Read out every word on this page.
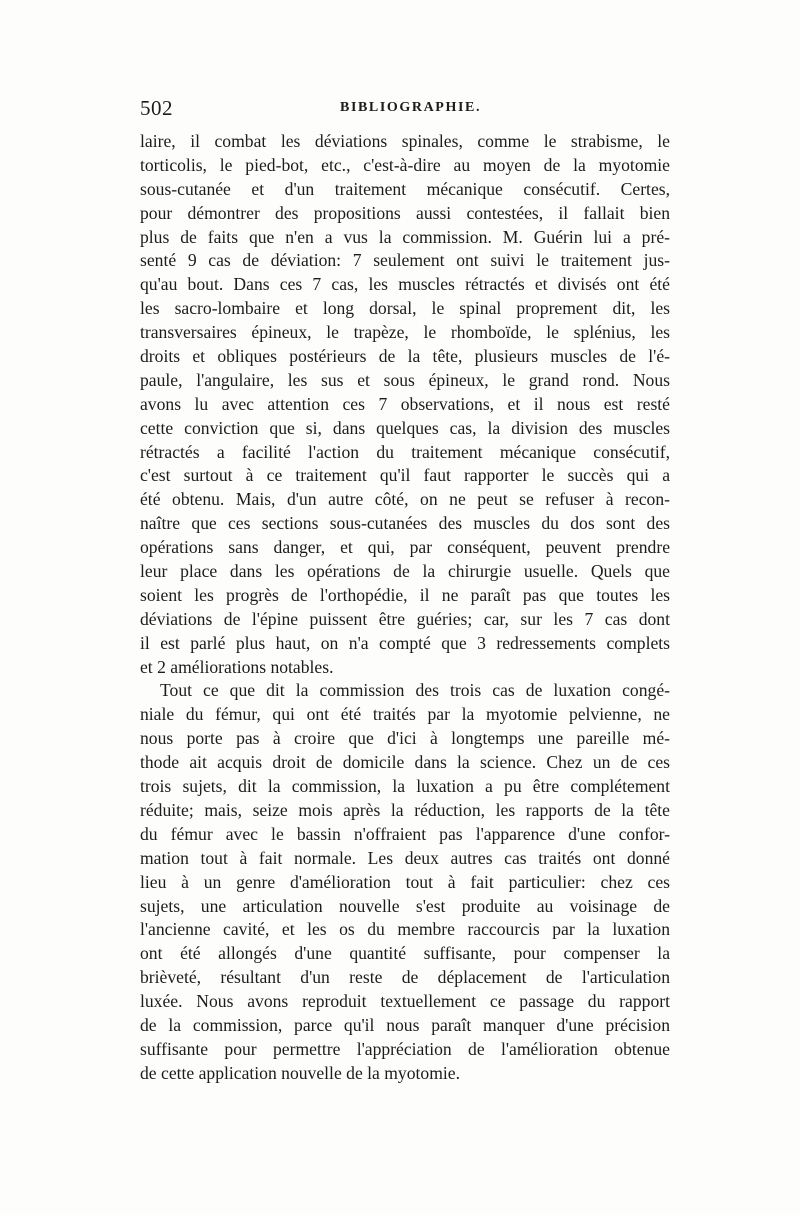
502	BIBLIOGRAPHIE.
laire, il combat les déviations spinales, comme le strabisme, le
torticolis, le pied-bot, etc., c'est-à-dire au moyen de la myotomie
sous-cutanée et d'un traitement mécanique consécutif. Certes,
pour démontrer des propositions aussi contestées, il fallait bien
plus de faits que n'en a vus la commission. M. Guérin lui a pré-
senté 9 cas de déviation: 7 seulement ont suivi le traitement jus-
qu'au bout. Dans ces 7 cas, les muscles rétractés et divisés ont été
les sacro-lombaire et long dorsal, le spinal proprement dit, les
transversaires épineux, le trapèze, le rhomboïde, le splénius, les
droits et obliques postérieurs de la tête, plusieurs muscles de l'é-
paule, l'angulaire, les sus et sous épineux, le grand rond. Nous
avons lu avec attention ces 7 observations, et il nous est resté
cette conviction que si, dans quelques cas, la division des muscles
rétractés a facilité l'action du traitement mécanique consécutif,
c'est surtout à ce traitement qu'il faut rapporter le succès qui a
été obtenu. Mais, d'un autre côté, on ne peut se refuser à recon-
naître que ces sections sous-cutanées des muscles du dos sont des
opérations sans danger, et qui, par conséquent, peuvent prendre
leur place dans les opérations de la chirurgie usuelle. Quels que
soient les progrès de l'orthopédie, il ne paraît pas que toutes les
déviations de l'épine puissent être guéries; car, sur les 7 cas dont
il est parlé plus haut, on n'a compté que 3 redressements complets
et 2 améliorations notables.
Tout ce que dit la commission des trois cas de luxation congé-
niale du fémur, qui ont été traités par la myotomie pelvienne, ne
nous porte pas à croire que d'ici à longtemps une pareille mé-
thode ait acquis droit de domicile dans la science. Chez un de ces
trois sujets, dit la commission, la luxation a pu être complétement
réduite; mais, seize mois après la réduction, les rapports de la tête
du fémur avec le bassin n'offraient pas l'apparence d'une confor-
mation tout à fait normale. Les deux autres cas traités ont donné
lieu à un genre d'amélioration tout à fait particulier: chez ces
sujets, une articulation nouvelle s'est produite au voisinage de
l'ancienne cavité, et les os du membre raccourcis par la luxation
ont été allongés d'une quantité suffisante, pour compenser la
brièveté, résultant d'un reste de déplacement de l'articulation
luxée. Nous avons reproduit textuellement ce passage du rapport
de la commission, parce qu'il nous paraît manquer d'une précision
suffisante pour permettre l'appréciation de l'amélioration obtenue
de cette application nouvelle de la myotomie.
